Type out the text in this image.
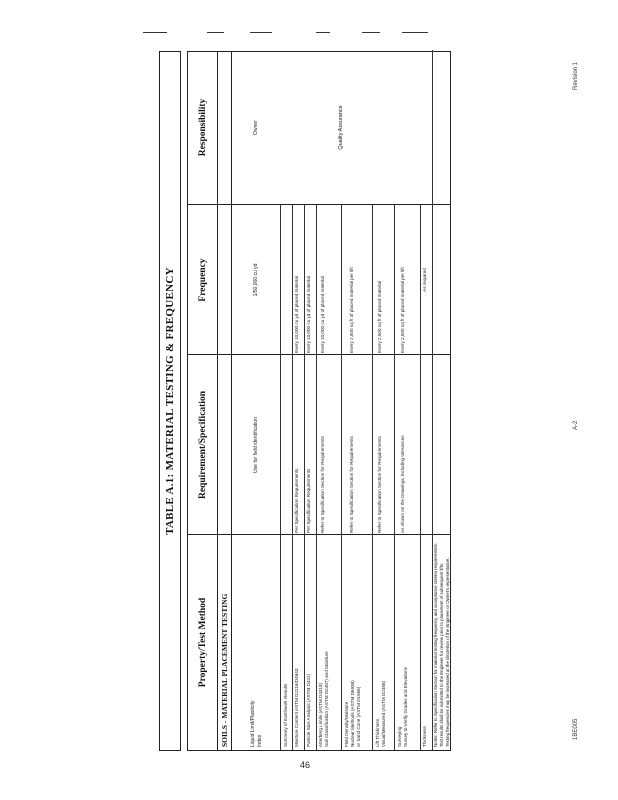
TABLE A.1: MATERIAL TESTING & FREQUENCY
Property/Test Method
Requirement/Specification
Frequency
Responsibility
SOILS - MATERIAL PLACEMENT TESTING	Liquid Limit/Plasticity Index
Use for field identification
1/50,000 cu yd
Owner
Summary of Earthwork Results Moisture Content ASTM D2216/D4643
Per Specification Requirements
Every 10,000 cu yd of placed material
Particle Size Analysis (ASTM D422)
Per Specification Requirements
Every 10,000 cu yd of placed material
Atterberg Limits (ASTM D4318) Soil Classification (ASTM D2487) and Moisture
Refer to Specification Section for Requirements
Every 10,000 cu yd of placed material
Field Density/Moisture Nuclear Methods (ASTM D6938) or Sand Cone (ASTM D1556)
Refer to Specification Section for Requirements
Every 2,500 sq ft of placed material per lift
Quality Assurance
Lift Thickness Visual/Measured (ASTM D2488)
Refer to Specification Section for Requirements
Every 2,500 sq ft of placed material
Surveying Survey to Verify Grades and Elevations
As shown on the Drawings, including tolerances
Every 2,500 sq ft of placed material per lift
Thickness
As required
Notes: Refer to Specification Section for material testing frequency and acceptance criteria requirements. Test results shall be submitted to the Engineer for review prior to placement of subsequent lifts. Testing frequencies may be increased at the discretion of the Engineer or Owner's representative.	1BE005
A-2
Revision 1
46
